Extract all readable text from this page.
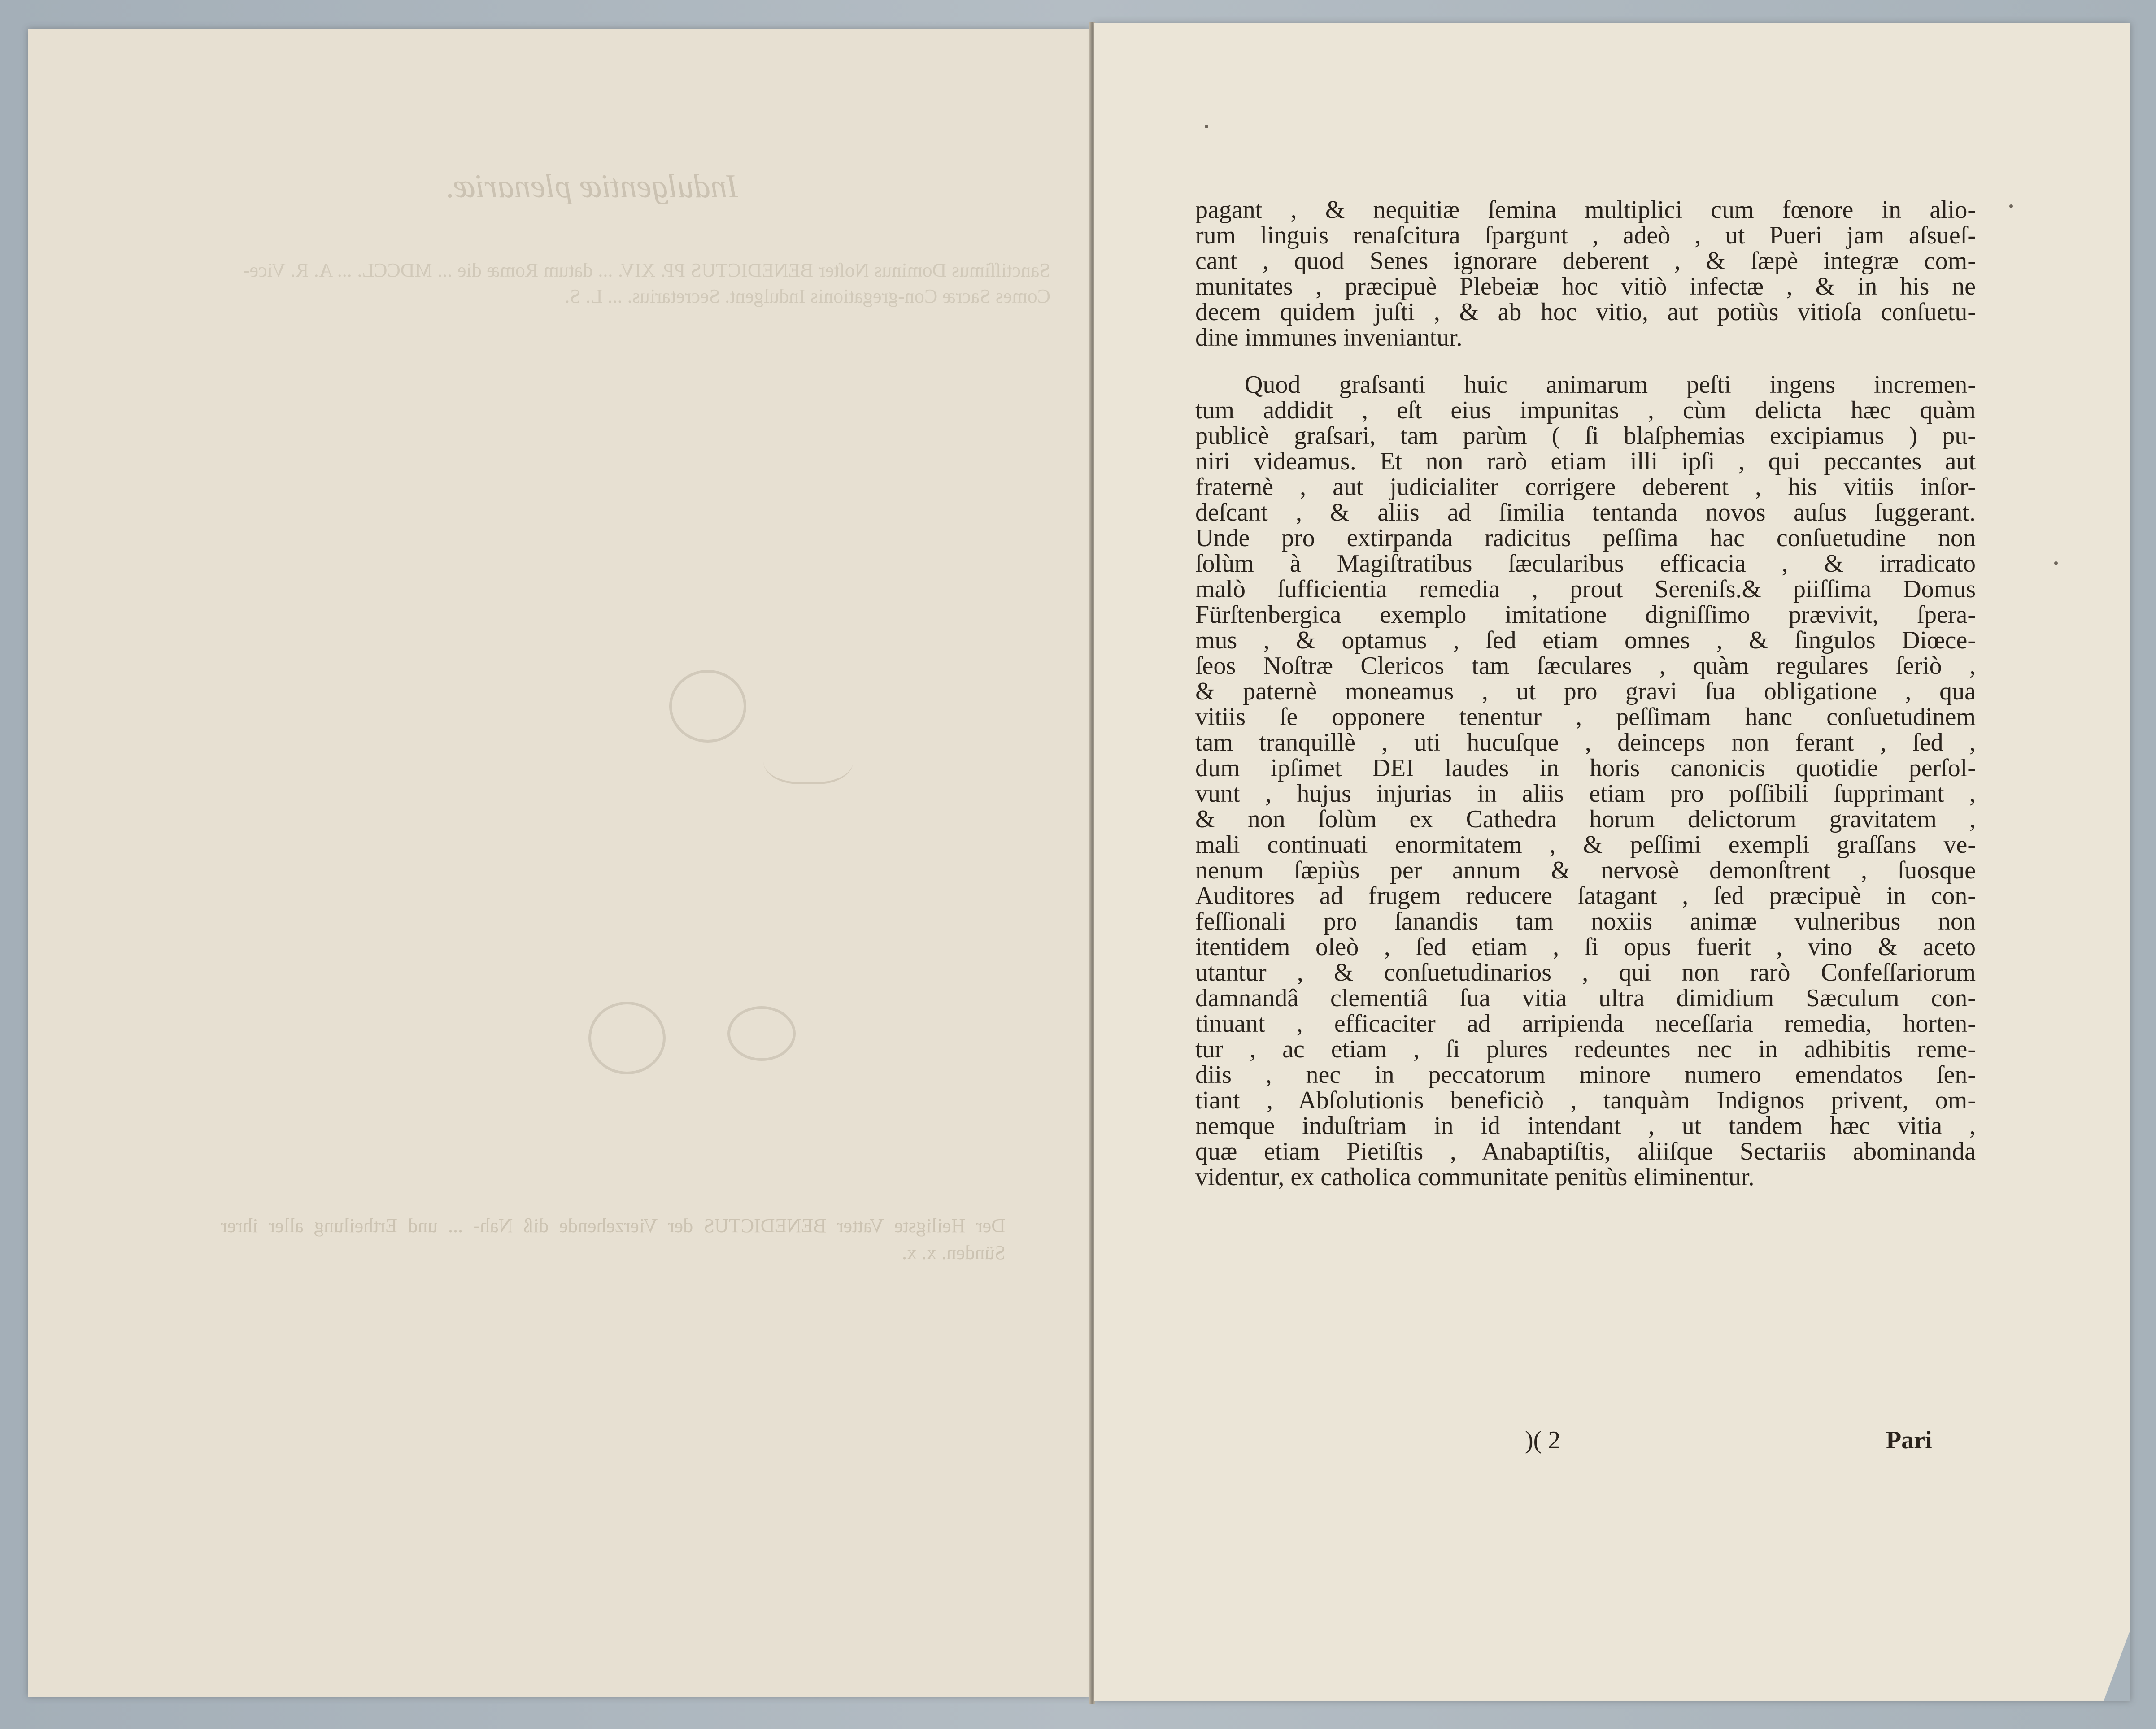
Indulgentiæ plenariæ.
Sanctiſſimus Dominus Noſter BENEDICTUS PP. XIV. ... datum Romæ die ... MDCCL. ... A. R. Vice-Comes Sacræ Con-gregationis Indulgent. Secretarius. ... L. S.
Der Heiligste Vatter BENEDICTUS der Vierzehende diß Nah- ... und Ertheilung aller ihrer Sünden. x. x.
pagant , & nequitiæ ſemina multiplici cum fœnore in alio-
rum linguis renaſcitura ſpargunt , adeò , ut Pueri jam aſsueſ-
cant , quod Senes ignorare deberent , & ſæpè integræ com-
munitates , præcipuè Plebeiæ hoc vitiò infectæ , & in his ne
decem quidem juſti , & ab hoc vitio, aut potiùs vitioſa conſuetu-
dine immunes inveniantur.
Quod graſsanti huic animarum peſti ingens incremen-
tum addidit , eſt eius impunitas , cùm delicta hæc quàm
publicè graſsari, tam parùm ( ſi blaſphemias excipiamus ) pu-
niri videamus. Et non rarò etiam illi ipſi , qui peccantes aut
fraternè , aut judicialiter corrigere deberent , his vitiis inſor-
deſcant , & aliis ad ſimilia tentanda novos auſus ſuggerant.
Unde pro extirpanda radicitus peſſima hac conſuetudine non
ſolùm à Magiſtratibus ſæcularibus efficacia , & irradicato
malò ſufficientia remedia , prout Sereniſs.& piiſſima Domus
Fürſtenbergica exemplo imitatione digniſſimo prævivit, ſpera-
mus , & optamus , ſed etiam omnes , & ſingulos Diœce-
ſeos Noſtræ Clericos tam ſæculares , quàm regulares ſeriò ,
& paternè moneamus , ut pro gravi ſua obligatione , qua
vitiis ſe opponere tenentur , peſſimam hanc conſuetudinem
tam tranquillè , uti hucuſque , deinceps non ferant , ſed ,
dum ipſimet DEI laudes in horis canonicis quotidie perſol-
vunt , hujus injurias in aliis etiam pro poſſibili ſupprimant ,
& non ſolùm ex Cathedra horum delictorum gravitatem ,
mali continuati enormitatem , & peſſimi exempli graſſans ve-
nenum ſæpiùs per annum & nervosè demonſtrent , ſuosque
Auditores ad frugem reducere ſatagant , ſed præcipuè in con-
feſſionali pro ſanandis tam noxiis animæ vulneribus non
itentidem oleò , ſed etiam , ſi opus fuerit , vino & aceto
utantur , & conſuetudinarios , qui non rarò Confeſſariorum
damnandâ clementiâ ſua vitia ultra dimidium Sæculum con-
tinuant , efficaciter ad arripienda neceſſaria remedia, horten-
tur , ac etiam , ſi plures redeuntes nec in adhibitis reme-
diis , nec in peccatorum minore numero emendatos ſen-
tiant , Abſolutionis beneficiò , tanquàm Indignos privent, om-
nemque induſtriam in id intendant , ut tandem hæc vitia ,
quæ etiam Pietiſtis , Anabaptiſtis, aliiſque Sectariis abominanda
videntur, ex catholica communitate penitùs eliminentur.
)( 2	Pari
